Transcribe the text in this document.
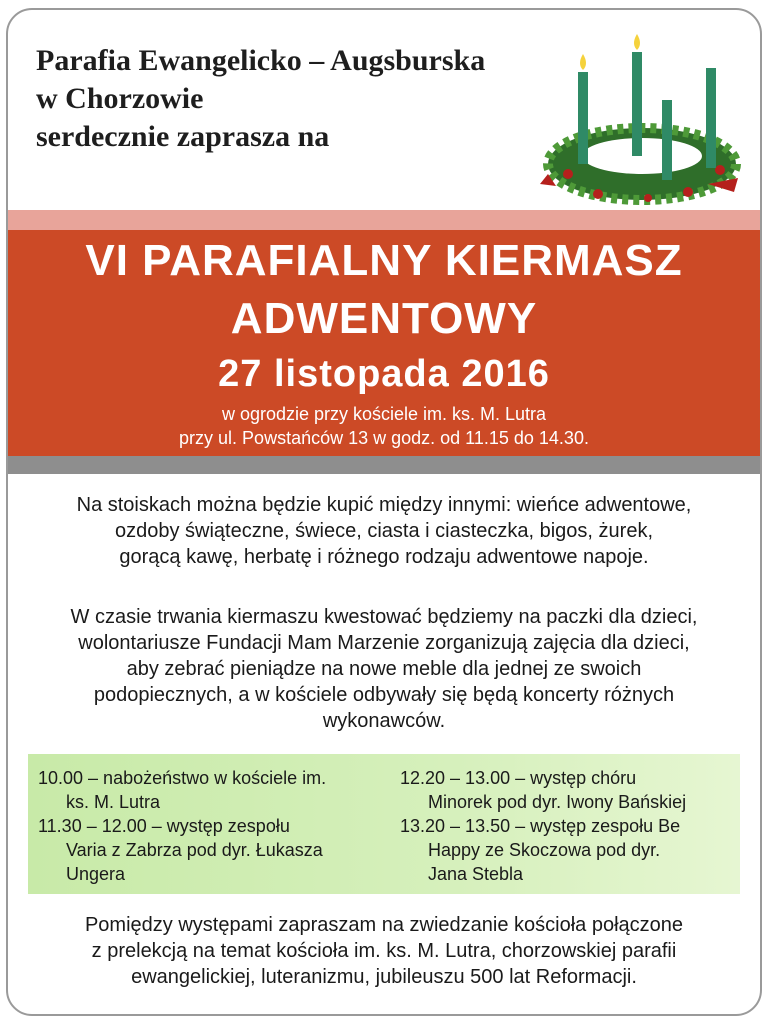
Parafia Ewangelicko – Augsburska
w Chorzowie
serdecznie zaprasza na
VI PARAFIALNY KIERMASZ
ADWENTOWY
27 listopada 2016
w ogrodzie przy kościele im. ks. M. Lutra
przy ul. Powstańców 13 w godz. od 11.15 do 14.30.
Na stoiskach można będzie kupić między innymi: wieńce adwentowe,
ozdoby świąteczne, świece, ciasta i ciasteczka, bigos, żurek,
gorącą kawę, herbatę i różnego rodzaju adwentowe napoje.
W czasie trwania kiermaszu kwestować będziemy na paczki dla dzieci,
wolontariusze Fundacji Mam Marzenie zorganizują zajęcia dla dzieci,
aby zebrać pieniądze na nowe meble dla jednej ze swoich
podopiecznych, a w kościele odbywały się będą koncerty różnych
wykonawców.
10.00 – nabożeństwo w kościele im.
ks. M. Lutra
11.30 – 12.00 – występ zespołu
Varia z Zabrza pod dyr. Łukasza
Ungera
12.20 – 13.00 – występ chóru
Minorek pod dyr. Iwony Bańskiej
13.20 – 13.50 – występ zespołu Be
Happy ze Skoczowa pod dyr.
Jana Stebla
Pomiędzy występami zapraszam na zwiedzanie kościoła połączone
z prelekcją na temat kościoła im. ks. M. Lutra, chorzowskiej parafii
ewangelickiej, luteranizmu, jubileuszu 500 lat Reformacji.
